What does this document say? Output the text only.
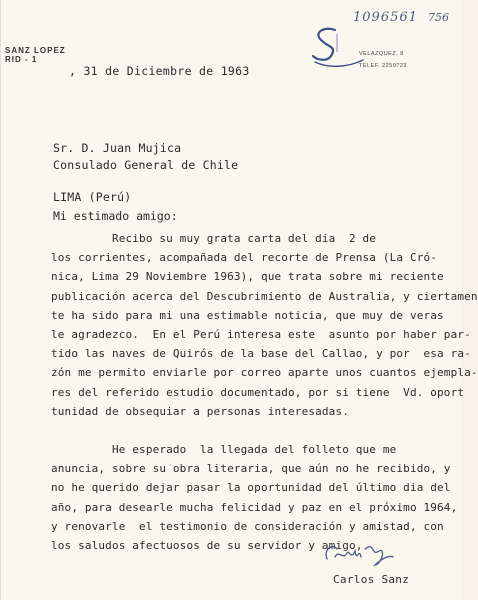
SANZ LOPEZ
RID - 1
1096561 756
VELAZQUEZ, 8
TELEF. 2250723
, 31 de Diciembre de 1963
Sr. D. Juan Mujica
Consulado General de Chile
LIMA (Perú)
Mi estimado amigo:
Recibo su muy grata carta del dia  2 de
los corrientes, acompañada del recorte de Prensa (La Cró-
nica, Lima 29 Noviembre 1963), que trata sobre mi reciente
publicación acerca del Descubrimiento de Australia, y ciertamen
te ha sido para mi una estimable noticia, que muy de veras
le agradezco.  En el Perú interesa este  asunto por haber par-
tido las naves de Quirós de la base del Callao, y por  esa ra-
zón me permito enviarle por correo aparte unos cuantos ejempla-
res del referido estudio documentado, por si tiene  Vd. oport
tunidad de obsequiar a personas interesadas.
He esperado  la llegada del folleto que me
anuncia, sobre su obra literaria, que aún no he recibido, y
no he querido dejar pasar la oportunidad del último dia del
año, para desearle mucha felicidad y paz en el próximo 1964,
y renovarle  el testimonio de consideración y amistad, con
los saludos afectuosos de su servidor y amigo,
Carlos Sanz
